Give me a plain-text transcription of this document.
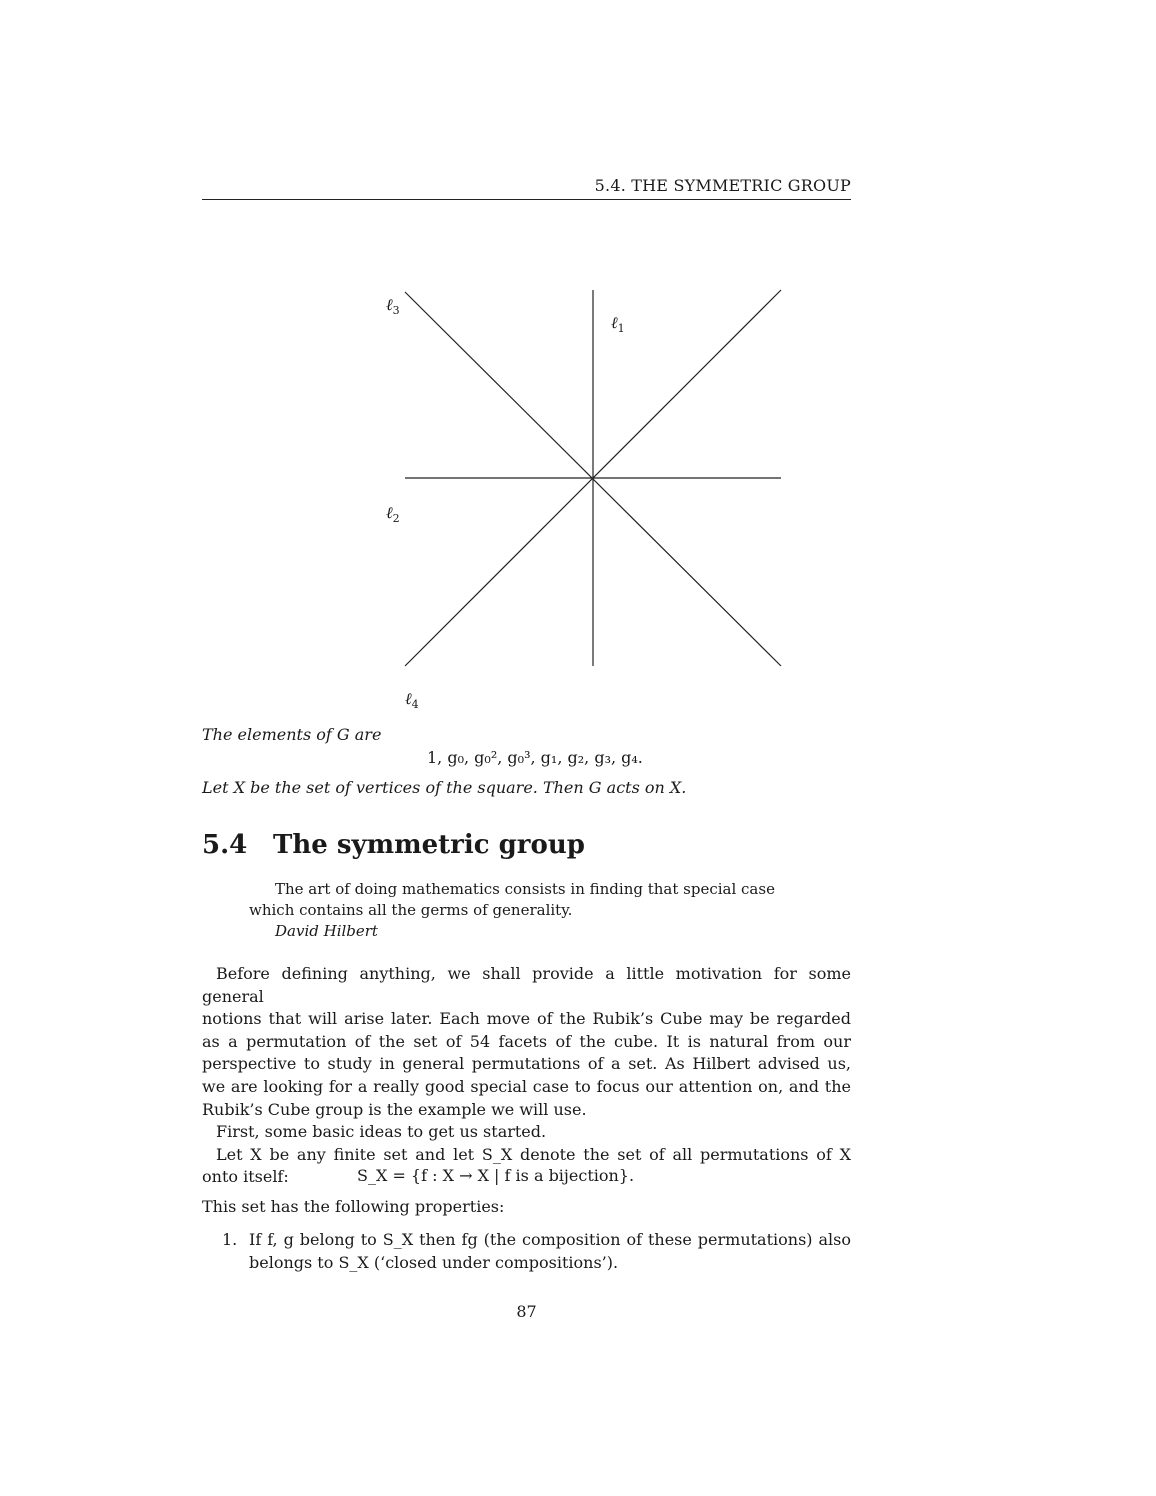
5.4. THE SYMMETRIC GROUP
ℓ$_3$
ℓ$_1$
ℓ$_2$
ℓ$_4$
The elements of G are
1, g₀, g₀², g₀³, g₁, g₂, g₃, g₄.
Let X be the set of vertices of the square. Then G acts on X.
5.4 The symmetric group
The art of doing mathematics consists in finding that special case
which contains all the germs of generality.
David Hilbert
Before defining anything, we shall provide a little motivation for some general
notions that will arise later. Each move of the Rubik’s Cube may be regarded
as a permutation of the set of 54 facets of the cube. It is natural from our
perspective to study in general permutations of a set. As Hilbert advised us,
we are looking for a really good special case to focus our attention on, and the
Rubik’s Cube group is the example we will use.
First, some basic ideas to get us started.
Let X be any finite set and let S_X denote the set of all permutations of X
onto itself:	S_X = {f : X → X | f is a bijection}.
This set has the following properties:
1. If f, g belong to S_X then fg (the composition of these permutations) also
belongs to S_X (‘closed under compositions’).
87
